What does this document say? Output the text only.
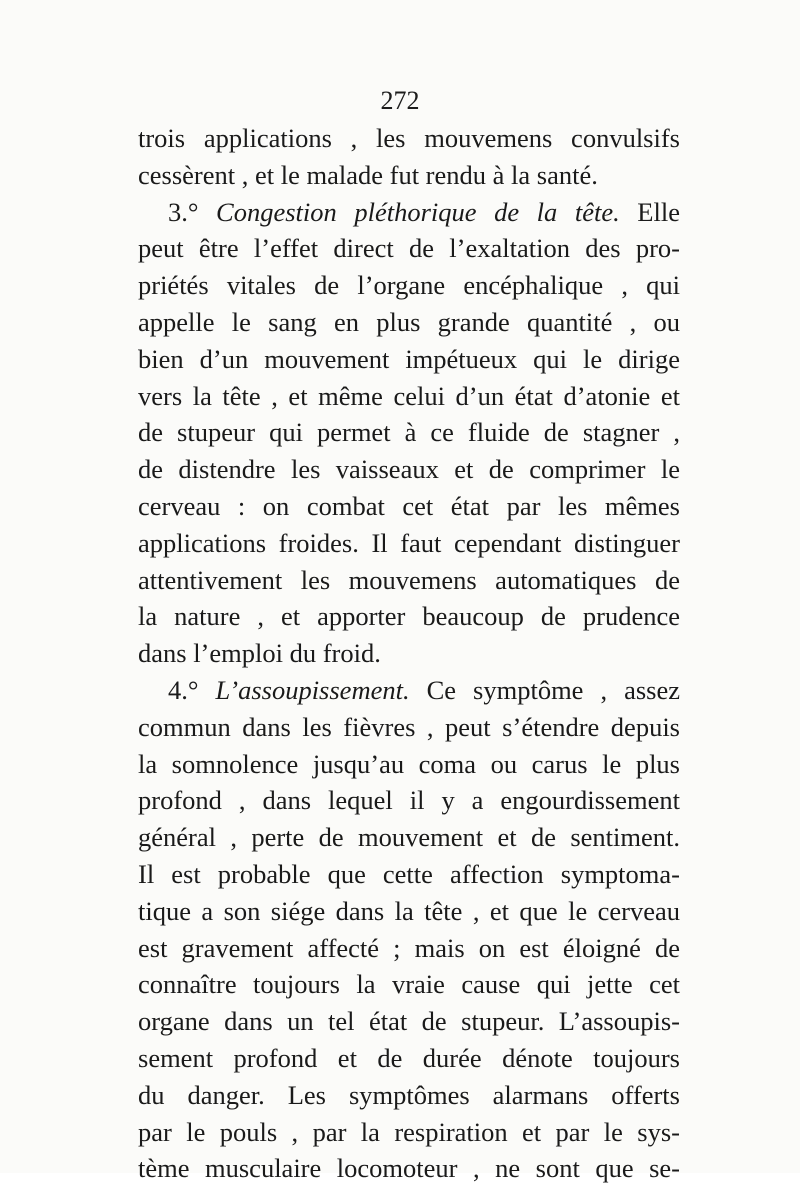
272
trois applications , les mouvemens convulsifs
cessèrent , et le malade fut rendu à la santé.
3.° Congestion pléthorique de la tête. Elle
peut être l’effet direct de l’exaltation des pro-
priétés vitales de l’organe encéphalique , qui
appelle le sang en plus grande quantité , ou
bien d’un mouvement impétueux qui le dirige
vers la tête , et même celui d’un état d’atonie et
de stupeur qui permet à ce fluide de stagner ,
de distendre les vaisseaux et de comprimer le
cerveau : on combat cet état par les mêmes
applications froides. Il faut cependant distinguer
attentivement les mouvemens automatiques de
la nature , et apporter beaucoup de prudence
dans l’emploi du froid.
4.° L’assoupissement. Ce symptôme , assez
commun dans les fièvres , peut s’étendre depuis
la somnolence jusqu’au coma ou carus le plus
profond , dans lequel il y a engourdissement
général , perte de mouvement et de sentiment.
Il est probable que cette affection symptoma-
tique a son siége dans la tête , et que le cerveau
est gravement affecté ; mais on est éloigné de
connaître toujours la vraie cause qui jette cet
organe dans un tel état de stupeur. L’assoupis-
sement profond et de durée dénote toujours
du danger. Les symptômes alarmans offerts
par le pouls , par la respiration et par le sys-
tème musculaire locomoteur , ne sont que se-
